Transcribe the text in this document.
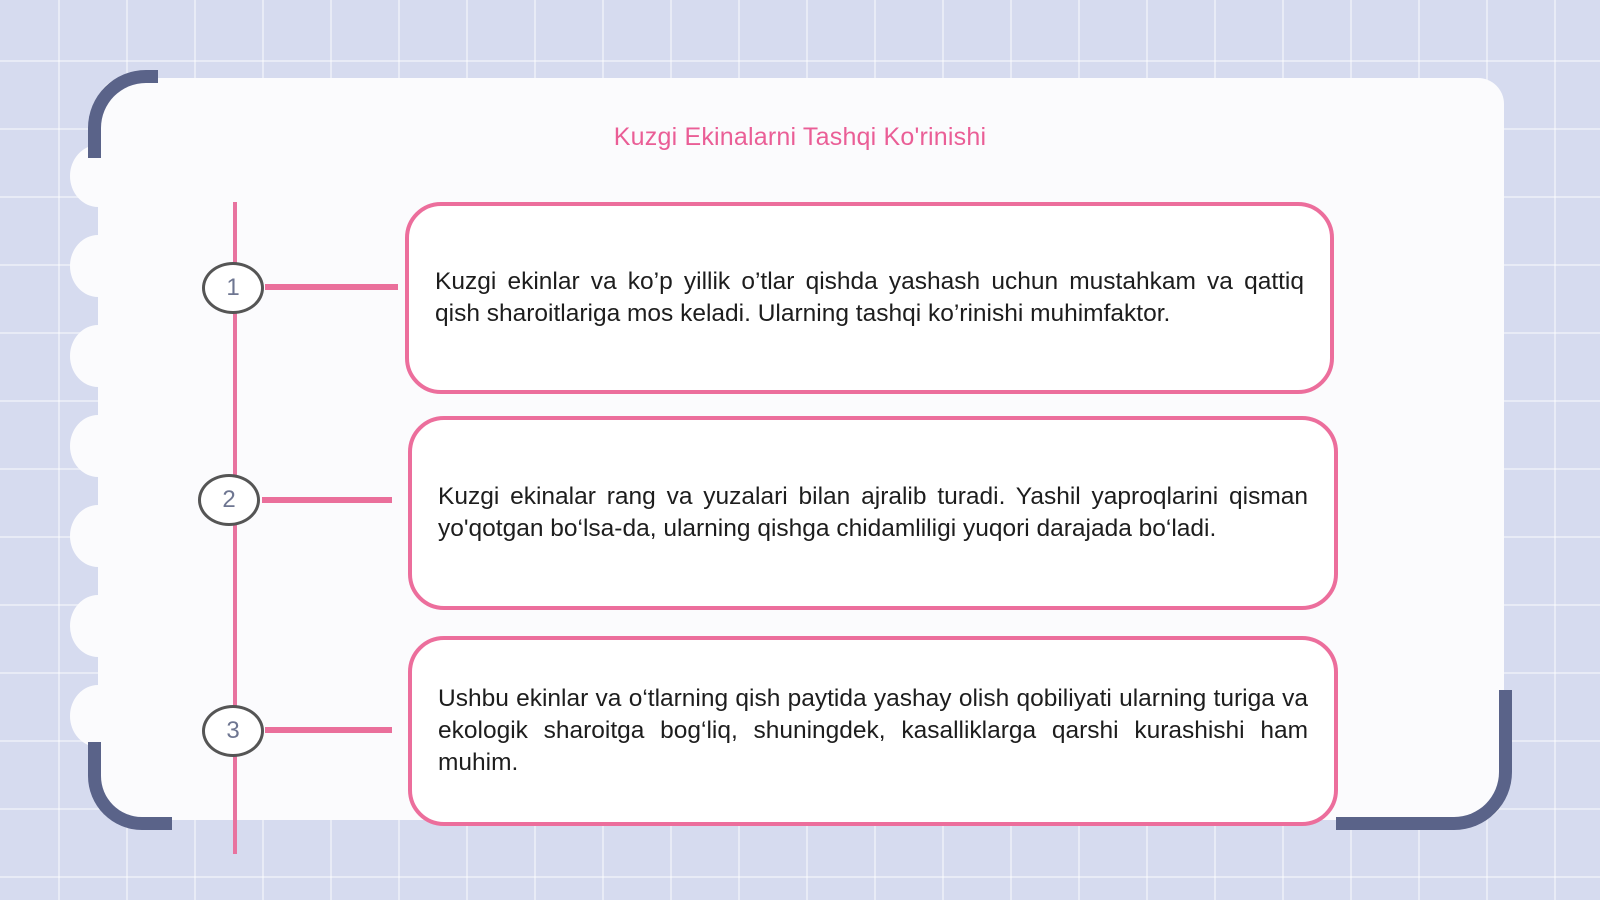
Kuzgi Ekinalarni Tashqi Ko'rinishi
1	Kuzgi ekinlar va ko’p yillik o’tlar qishda yashash uchun mustahkam va qattiq qish sharoitlariga mos keladi. Ularning tashqi ko’rinishi muhimfaktor.

2	Kuzgi ekinalar rang va yuzalari bilan ajralib turadi. Yashil yaproqlarini qisman yo'qotgan bo‘lsa-da, ularning qishga chidamliligi yuqori darajada bo‘ladi.

3

Ushbu ekinlar va o‘tlarning qish paytida yashay olish qobiliyati ularning turiga va ekologik sharoitga bog‘liq, shuningdek, kasalliklarga qarshi kurashishi ham muhim.
